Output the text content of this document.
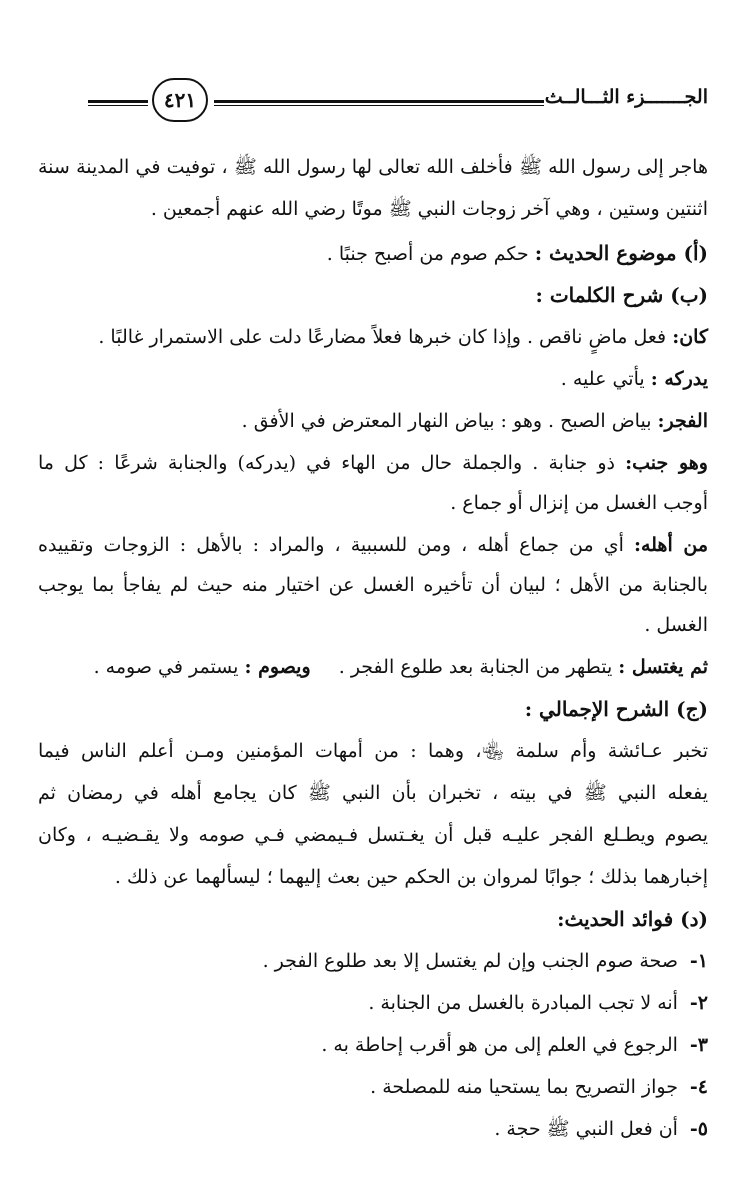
الجـــــــزء الثـــالــث
٤٢١
هاجر إلى رسول الله ﷺ فأخلف الله تعالى لها رسول الله ﷺ ، توفيت في المدينة سنة
اثنتين وستين ، وهي آخر زوجات النبي ﷺ موتًا رضي الله عنهم أجمعين .
(أ) موضوع الحديث : حكم صوم من أصبح جنبًا .
(ب) شرح الكلمات :
كان: فعل ماضٍ ناقص . وإذا كان خبرها فعلاً مضارعًا دلت على الاستمرار غالبًا .
يدركه : يأتي عليه .
الفجر: بياض الصبح . وهو : بياض النهار المعترض في الأفق .
وهو جنب: ذو جنابة . والجملة حال من الهاء في (يدركه) والجنابة شرعًا : كل ما
أوجب الغسل من إنزال أو جماع .
من أهله: أي من جماع أهله ، ومن للسببية ، والمراد : بالأهل : الزوجات وتقييده
بالجنابة من الأهل ؛ لبيان أن تأخيره الغسل عن اختيار منه حيث لم يفاجأ بما يوجب
الغسل .
ثم يغتسل : يتطهر من الجنابة بعد طلوع الفجر .  ويصوم : يستمر في صومه .
(ج) الشرح الإجمالي :
تخبر عـائشة وأم سلمة ﵄، وهما : من أمهات المؤمنين ومـن أعلم الناس فيما
يفعله النبي ﷺ في بيته ، تخبران بأن النبي ﷺ كان يجامع أهله في رمضان ثم
يصوم ويطـلع الفجر عليـه قبل أن يغـتسل فـيمضي فـي صومه ولا يقـضيـه ، وكان
إخبارهما بذلك ؛ جوابًا لمروان بن الحكم حين بعث إليهما ؛ ليسألهما عن ذلك .
(د) فوائد الحديث:
١- صحة صوم الجنب وإن لم يغتسل إلا بعد طلوع الفجر .
٢- أنه لا تجب المبادرة بالغسل من الجنابة .
٣- الرجوع في العلم إلى من هو أقرب إحاطة به .
٤- جواز التصريح بما يستحيا منه للمصلحة .
٥- أن فعل النبي ﷺ حجة .
